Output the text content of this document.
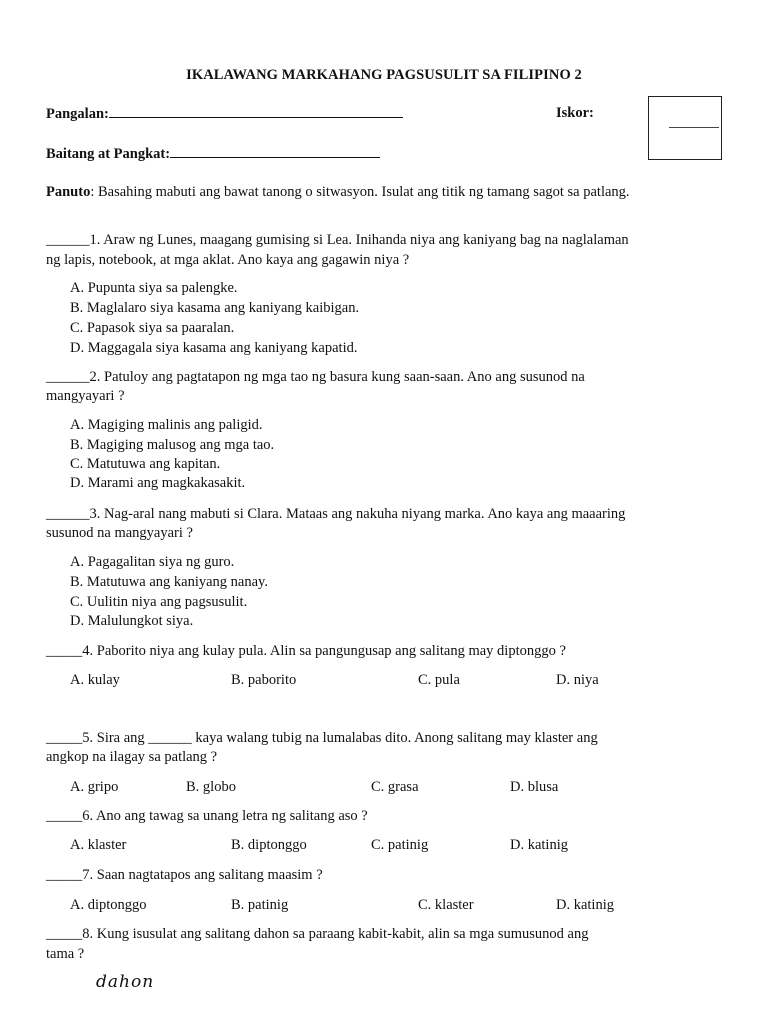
IKALAWANG MARKAHANG PAGSUSULIT SA FILIPINO 2
Pangalan:	Iskor:
Baitang at Pangkat:
Panuto: Basahing mabuti ang bawat tanong o sitwasyon. Isulat ang titik ng tamang sagot sa patlang.
______1. Araw ng Lunes, maagang gumising si Lea. Inihanda niya ang kaniyang bag na naglalaman
ng lapis, notebook, at mga aklat. Ano kaya ang gagawin niya ?
A. Pupunta siya sa palengke.
B. Maglalaro siya kasama ang kaniyang kaibigan.
C. Papasok siya sa paaralan.
D. Maggagala siya kasama ang kaniyang kapatid.
______2. Patuloy ang pagtatapon ng mga tao ng basura kung saan-saan. Ano ang susunod na
mangyayari ?
A. Magiging malinis ang paligid.
B. Magiging malusog ang mga tao.
C. Matutuwa ang kapitan.
D. Marami ang magkakasakit.
______3. Nag-aral nang mabuti si Clara. Mataas ang nakuha niyang marka. Ano kaya ang maaaring
susunod na mangyayari ?
A. Pagagalitan siya ng guro.
B. Matutuwa ang kaniyang nanay.
C. Uulitin niya ang pagsusulit.
D. Malulungkot siya.
_____4. Paborito niya ang kulay pula. Alin sa pangungusap ang salitang may diptonggo ?
A. kulay	B. paborito	C. pula	D. niya
_____5. Sira ang ______ kaya walang tubig na lumalabas dito. Anong salitang may klaster ang
angkop na ilagay sa patlang ?
A. gripo	B. globo	C. grasa	D. blusa
_____6. Ano ang tawag sa unang letra ng salitang aso ?
A. klaster	B. diptonggo	C. patinig	D. katinig
_____7. Saan nagtatapos ang salitang maasim ?
A. diptonggo	B. patinig	C. klaster	D. katinig
_____8. Kung isusulat ang salitang dahon sa paraang kabit-kabit, alin sa mga sumusunod ang
tama ?
dahon
